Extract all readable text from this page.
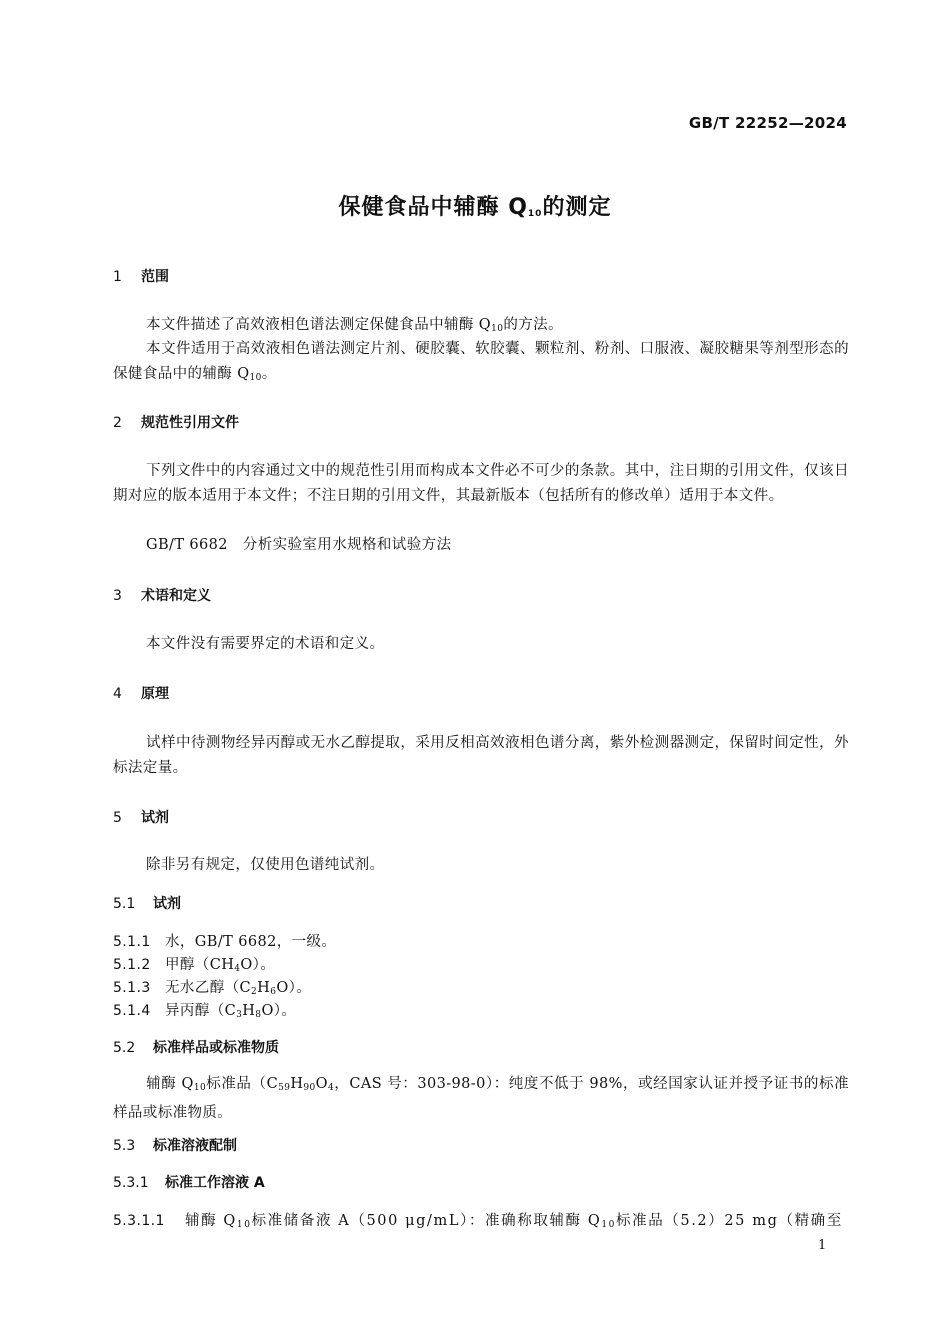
GB/T 22252—2024
保健食品中辅酶 $Q_{10}$的测定
1 范围
本文件描述了高效液相色谱法测定保健食品中辅酶 $Q_{10}$的方法。
本文件适用于高效液相色谱法测定片剂、硬胶囊、软胶囊、颗粒剂、粉剂、口服液、凝胶糖果等剂型形态的保健食品中的辅酶 $Q_{10}$。
2 规范性引用文件
下列文件中的内容通过文中的规范性引用而构成本文件必不可少的条款。其中，注日期的引用文件，仅该日期对应的版本适用于本文件；不注日期的引用文件，其最新版本（包括所有的修改单）适用于本文件。
GB/T 6682　分析实验室用水规格和试验方法
3 术语和定义
本文件没有需要界定的术语和定义。
4 原理
试样中待测物经异丙醇或无水乙醇提取，采用反相高效液相色谱分离，紫外检测器测定，保留时间定性，外标法定量。
5 试剂
除非另有规定，仅使用色谱纯试剂。
5.1 试剂
5.1.1 水，GB/T 6682，一级。
5.1.2 甲醇$(CH_4O)$。
5.1.3 无水乙醇$(C_2H_6O)$。
5.1.4 异丙醇$(C_3H_8O)$。
5.2 标准样品或标准物质
辅酶 $Q_{10}$标准品（$C_{59}H_{90}O_4$，CAS 号：303-98-0）：纯度不低于 98%，或经国家认证并授予证书的标准样品或标准物质。
5.3 标准溶液配制
5.3.1 标准工作溶液 A
5.3.1.1 辅酶 $Q_{10}$标准储备液 A（500 μg/mL）：准确称取辅酶 $Q_{10}$标准品（5.2）25 mg（精确至
1
